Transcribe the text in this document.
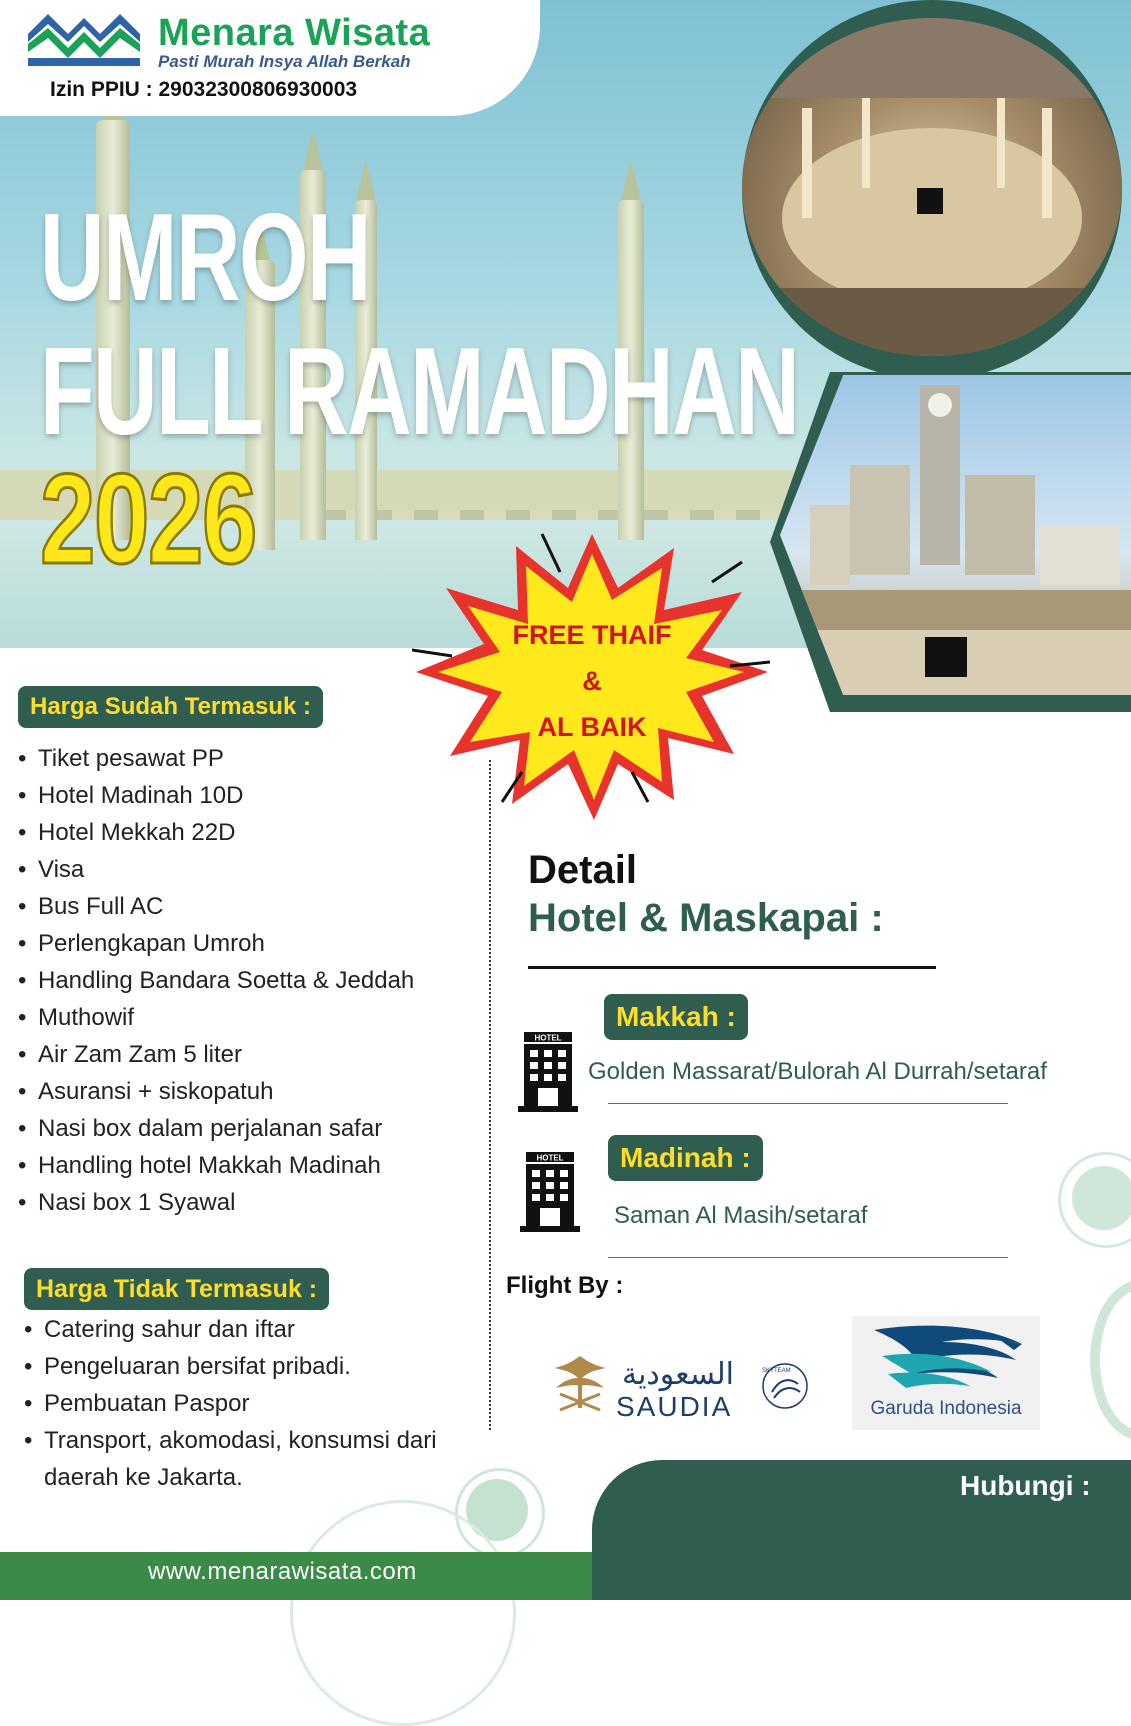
Menara Wisata
Pasti Murah Insya Allah Berkah
Izin PPIU : 29032300806930003
UMROH
FULL RAMADHAN
2026
FREE THAIF
&
AL BAIK
Harga Sudah Termasuk :
• Tiket pesawat PP
• Hotel Madinah 10D
• Hotel Mekkah 22D
• Visa
• Bus Full AC
• Perlengkapan Umroh
• Handling Bandara Soetta & Jeddah
• Muthowif
• Air Zam Zam 5 liter
• Asuransi + siskopatuh
• Nasi box dalam perjalanan safar
• Handling hotel Makkah Madinah
• Nasi box 1 Syawal
Harga Tidak Termasuk :
• Catering sahur dan iftar
• Pengeluaran bersifat pribadi.
• Pembuatan Paspor
• Transport, akomodasi, konsumsi dari daerah ke Jakarta.
Detail
Hotel & Maskapai :
Makkah :
HOTEL
Golden Massarat/Bulorah Al Durrah/setaraf
Madinah :
HOTEL
Saman Al Masih/setaraf
Flight By :
السعودية
SAUDIA
SKYTEAM
Garuda Indonesia
www.menarawisata.com
Hubungi :
